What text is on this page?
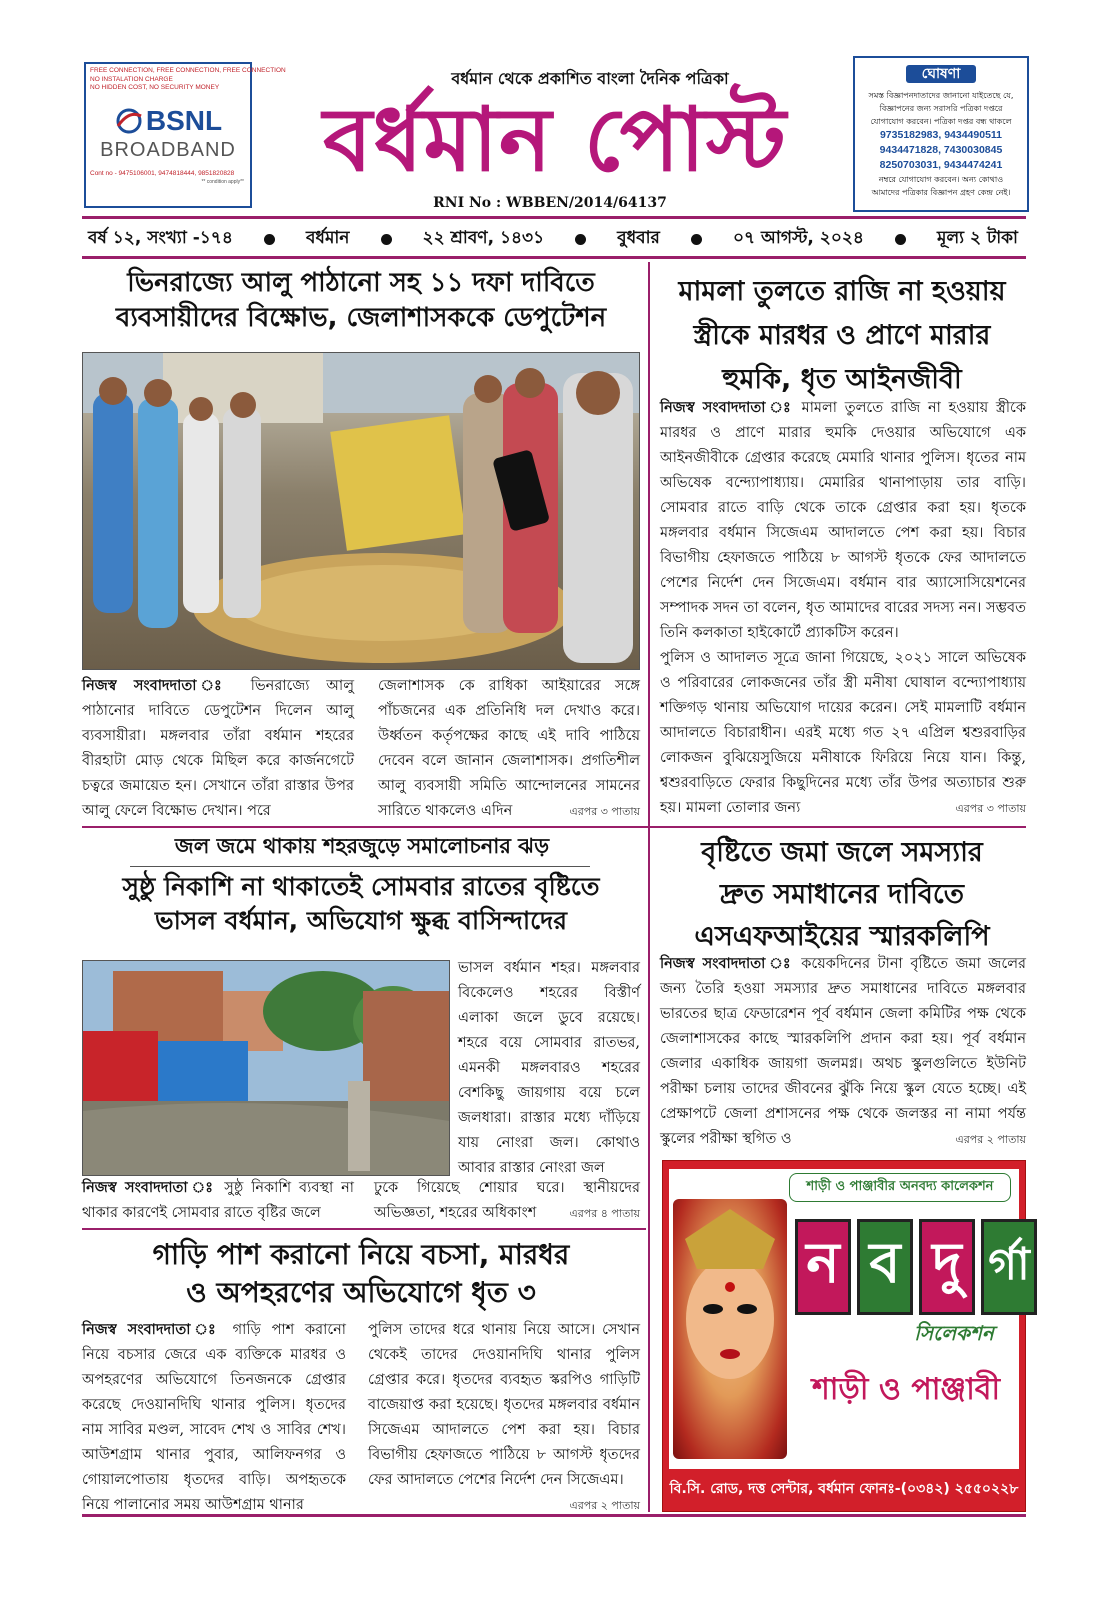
FREE CONNECTION, FREE CONNECTION, FREE CONNECTION
NO INSTALATION CHARGE
NO HIDDEN COST, NO SECURITY MONEY
BSNL
BROADBAND
Cont no - 9475106001, 9474818444, 9851820828
** condition apply**
বর্ধমান থেকে প্রকাশিত বাংলা দৈনিক পত্রিকা
বর্ধমান পোস্ট
RNI No : WBBEN/2014/64137
ঘোষণা
সমস্ত বিজ্ঞাপনদাতাদের জানানো যাইতেছে যে,
বিজ্ঞাপনের জন্য সরাসরি পত্রিকা দপ্তরে
যোগাযোগ করবেন। পত্রিকা দপ্তর বন্ধ থাকলে
9735182983, 9434490511
9434471828, 7430030845
8250703031, 9434474241
নম্বরে যোগাযোগ করবেন। অন্য কোথাও
আমাদের পত্রিকার বিজ্ঞাপন গ্রহণ কেন্দ্র নেই।
বর্ষ ১২, সংখ্যা -১৭৪	বর্ধমান	২২ শ্রাবণ, ১৪৩১	বুধবার	০৭ আগস্ট, ২০২৪	মূল্য ২ টাকা
ভিনরাজ্যে আলু পাঠানো সহ ১১ দফা দাবিতে
ব্যবসায়ীদের বিক্ষোভ, জেলাশাসককে ডেপুটেশন
নিজস্ব সংবাদদাতা ঃ ভিনরাজ্যে আলু পাঠানোর দাবিতে ডেপুটেশন দিলেন আলু ব্যবসায়ীরা। মঙ্গলবার তাঁরা বর্ধমান শহরের বীরহাটা মোড় থেকে মিছিল করে কার্জনগেটে চত্বরে জমায়েত হন। সেখানে তাঁরা রাস্তার উপর আলু ফেলে বিক্ষোভ দেখান। পরে
জেলাশাসক কে রাধিকা আইয়ারের সঙ্গে পাঁচজনের এক প্রতিনিধি দল দেখাও করে। উর্ধ্বতন কর্তৃপক্ষের কাছে এই দাবি পাঠিয়ে দেবেন বলে জানান জেলাশাসক। প্রগতিশীল আলু ব্যবসায়ী সমিতি আন্দোলনের সামনের সারিতে থাকলেও এদিন	এরপর ৩ পাতায়
মামলা তুলতে রাজি না হওয়ায়
স্ত্রীকে মারধর ও প্রাণে মারার
হুমকি, ধৃত আইনজীবী
নিজস্ব সংবাদদাতা ঃ মামলা তুলতে রাজি না হওয়ায় স্ত্রীকে মারধর ও প্রাণে মারার হুমকি দেওয়ার অভিযোগে এক আইনজীবীকে গ্রেপ্তার করেছে মেমারি থানার পুলিস। ধৃতের নাম অভিষেক বন্দ্যোপাধ্যায়। মেমারির থানাপাড়ায় তার বাড়ি। সোমবার রাতে বাড়ি থেকে তাকে গ্রেপ্তার করা হয়। ধৃতকে মঙ্গলবার বর্ধমান সিজেএম আদালতে পেশ করা হয়। বিচার বিভাগীয় হেফাজতে পাঠিয়ে ৮ আগস্ট ধৃতকে ফের আদালতে পেশের নির্দেশ দেন সিজেএম। বর্ধমান বার অ্যাসোসিয়েশনের সম্পাদক সদন তা বলেন, ধৃত আমাদের বারের সদস্য নন। সম্ভবত তিনি কলকাতা হাইকোর্টে প্র্যাকটিস করেন।
পুলিস ও আদালত সূত্রে জানা গিয়েছে, ২০২১ সালে অভিষেক ও পরিবারের লোকজনের তাঁর স্ত্রী মনীষা ঘোষাল বন্দ্যোপাধ্যায় শক্তিগড় থানায় অভিযোগ দায়ের করেন। সেই মামলাটি বর্ধমান আদালতে বিচারাধীন। এরই মধ্যে গত ২৭ এপ্রিল শ্বশুরবাড়ির লোকজন বুঝিয়েসুজিয়ে মনীষাকে ফিরিয়ে নিয়ে যান। কিন্তু, শ্বশুরবাড়িতে ফেরার কিছুদিনের মধ্যে তাঁর উপর অত্যাচার শুরু হয়। মামলা তোলার জন্য	এরপর ৩ পাতায়
জল জমে থাকায় শহরজুড়ে সমালোচনার ঝড়
সুষ্ঠু নিকাশি না থাকাতেই সোমবার রাতের বৃষ্টিতে
ভাসল বর্ধমান, অভিযোগ ক্ষুব্ধ বাসিন্দাদের
ভাসল বর্ধমান শহর। মঙ্গলবার বিকেলেও শহরের বিস্তীর্ণ এলাকা জলে ডুবে রয়েছে। শহরে বয়ে সোমবার রাতভর, এমনকী মঙ্গলবারও শহরের বেশকিছু জায়গায় বয়ে চলে জলধারা। রাস্তার মধ্যে দাঁড়িয়ে যায় নোংরা জল। কোথাও আবার রাস্তার নোংরা জল
নিজস্ব সংবাদদাতা ঃ সুষ্ঠু নিকাশি ব্যবস্থা না থাকার কারণেই সোমবার রাতে বৃষ্টির জলে
ঢুকে গিয়েছে শোয়ার ঘরে। স্থানীয়দের অভিজ্ঞতা, শহরের অধিকাংশ	এরপর ৪ পাতায়
বৃষ্টিতে জমা জলে সমস্যার
দ্রুত সমাধানের দাবিতে
এসএফআইয়ের স্মারকলিপি
নিজস্ব সংবাদদাতা ঃ কয়েকদিনের টানা বৃষ্টিতে জমা জলের জন্য তৈরি হওয়া সমস্যার দ্রুত সমাধানের দাবিতে মঙ্গলবার ভারতের ছাত্র ফেডারেশন পূর্ব বর্ধমান জেলা কমিটির পক্ষ থেকে জেলাশাসকের কাছে স্মারকলিপি প্রদান করা হয়। পূর্ব বর্ধমান জেলার একাধিক জায়গা জলমগ্ন। অথচ স্কুলগুলিতে ইউনিট পরীক্ষা চলায় তাদের জীবনের ঝুঁকি নিয়ে স্কুল যেতে হচ্ছে। এই প্রেক্ষাপটে জেলা প্রশাসনের পক্ষ থেকে জলস্তর না নামা পর্যন্ত স্কুলের পরীক্ষা স্থগিত ও	এরপর ২ পাতায়
শাড়ী ও পাঞ্জাবীর অনবদ্য কালেকশন
ন ব দু র্গা
সিলেকশন
শাড়ী ও পাঞ্জাবী
বি.সি. রোড, দত্ত সেন্টার, বর্ধমান ফোনঃ-(০৩৪২) ২৫৫০২২৮
গাড়ি পাশ করানো নিয়ে বচসা, মারধর
ও অপহরণের অভিযোগে ধৃত ৩
নিজস্ব সংবাদদাতা ঃ গাড়ি পাশ করানো নিয়ে বচসার জেরে এক ব্যক্তিকে মারধর ও অপহরণের অভিযোগে তিনজনকে গ্রেপ্তার করেছে দেওয়ানদিঘি থানার পুলিস। ধৃতদের নাম সাবির মণ্ডল, সাবেদ শেখ ও সাবির শেখ। আউশগ্রাম থানার পুবার, আলিফনগর ও গোয়ালপোতায় ধৃতদের বাড়ি। অপহৃতকে নিয়ে পালানোর সময় আউশগ্রাম থানার
পুলিস তাদের ধরে থানায় নিয়ে আসে। সেখান থেকেই তাদের দেওয়ানদিঘি থানার পুলিস গ্রেপ্তার করে। ধৃতদের ব্যবহৃত স্করপিও গাড়িটি বাজেয়াপ্ত করা হয়েছে। ধৃতদের মঙ্গলবার বর্ধমান সিজেএম আদালতে পেশ করা হয়। বিচার বিভাগীয় হেফাজতে পাঠিয়ে ৮ আগস্ট ধৃতদের ফের আদালতে পেশের নির্দেশ দেন সিজেএম।
এরপর ২ পাতায়
